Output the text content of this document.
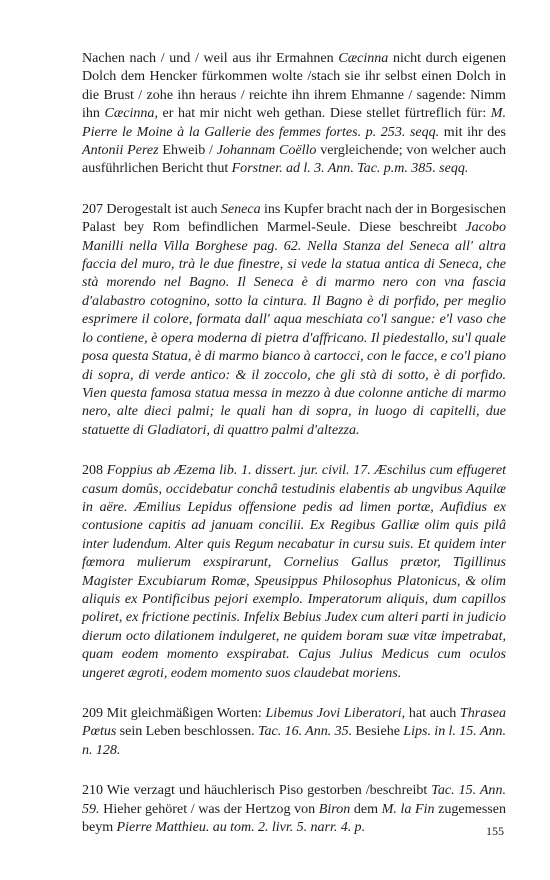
Nachen nach / und / weil aus ihr Ermahnen Cæcinna nicht durch eigenen Dolch dem Hencker fürkommen wolte /stach sie ihr selbst einen Dolch in die Brust / zohe ihn heraus / reichte ihn ihrem Ehmanne / sagende: Nimm ihn Cæcinna, er hat mir nicht weh gethan. Diese stellet fürtreflich für: M. Pierre le Moine à la Gallerie des femmes fortes. p. 253. seqq. mit ihr des Antonii Perez Ehweib / Johannam Coëllo vergleichende; von welcher auch ausführlichen Bericht thut Forstner. ad l. 3. Ann. Tac. p.m. 385. seqq.

207 Derogestalt ist auch Seneca ins Kupfer bracht nach der in Borgesischen Palast bey Rom befindlichen Marmel-Seule. Diese beschreibt Jacobo Manilli nella Villa Borghese pag. 62. Nella Stanza del Seneca all' altra faccia del muro, trà le due finestre, si vede la statua antica di Seneca, che stà morendo nel Bagno. Il Seneca è di marmo nero con vna fascia d'alabastro cotognino, sotto la cintura. Il Bagno è di porfido, per meglio esprimere il colore, formata dall' aqua meschiata co'l sangue: e'l vaso che lo contiene, è opera moderna di pietra d'affricano. Il piedestallo, su'l quale posa questa Statua, è di marmo bianco à cartocci, con le facce, e co'l piano di sopra, di verde antico: & il zoccolo, che gli stà di sotto, è di porfido. Vien questa famosa statua messa in mezzo à due colonne antiche di marmo nero, alte dieci palmi; le quali han di sopra, in luogo di capitelli, due statuette di Gladiatori, di quattro palmi d'altezza.

208 Foppius ab Æzema lib. 1. dissert. jur. civil. 17. Æschilus cum effugeret casum domûs, occidebatur conchâ testudinis elabentis ab ungvibus Aquilæ in aëre. Æmilius Lepidus offensione pedis ad limen portæ, Aufidius ex contusione capitis ad januam concilii. Ex Regibus Galliæ olim quis pilâ inter ludendum. Alter quis Regum necabatur in cursu suis. Et quidem inter fœmora mulierum exspirarunt, Cornelius Gallus prætor, Tigillinus Magister Excubiarum Romæ, Speusippus Philosophus Platonicus, & olim aliquis ex Pontificibus pejori exemplo. Imperatorum aliquis, dum capillos poliret, ex frictione pectinis. Infelix Bebius Judex cum alteri parti in judicio dierum octo dilationem indulgeret, ne quidem boram suæ vitæ impetrabat, quam eodem momento exspirabat. Cajus Julius Medicus cum oculos ungeret ægroti, eodem momento suos claudebat moriens.

209 Mit gleichmäßigen Worten: Libemus Jovi Liberatori, hat auch Thrasea Pœtus sein Leben beschlossen. Tac. 16. Ann. 35. Besiehe Lips. in l. 15. Ann. n. 128.

210 Wie verzagt und häuchlerisch Piso gestorben /beschreibt Tac. 15. Ann. 59. Hieher gehöret / was der Hertzog von Biron dem M. la Fin zugemessen beym Pierre Matthieu. au tom. 2. livr. 5. narr. 4. p.	155
